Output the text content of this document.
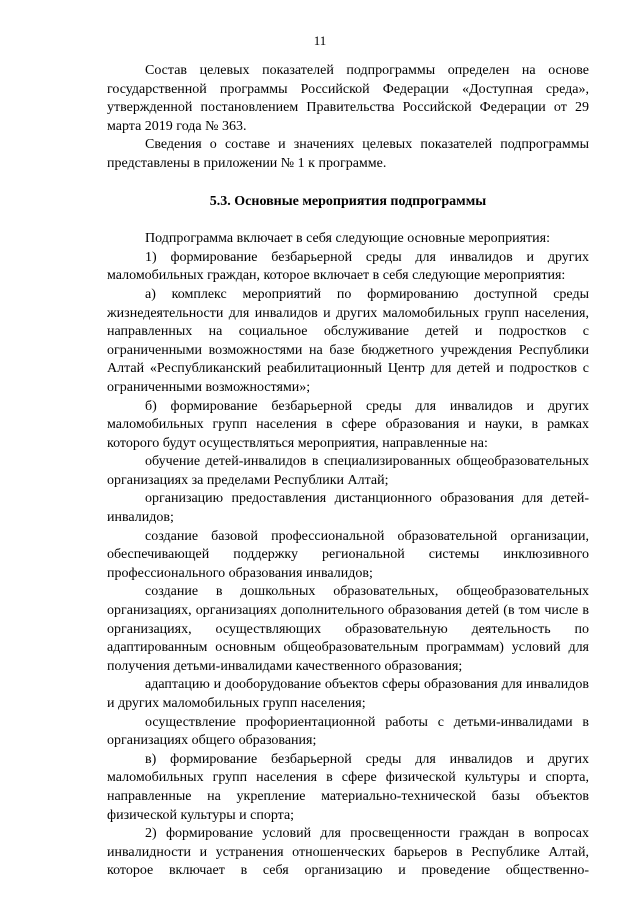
11

Состав целевых показателей подпрограммы определен на основе государственной программы Российской Федерации «Доступная среда», утвержденной постановлением Правительства Российской Федерации от 29 марта 2019 года № 363.

Сведения о составе и значениях целевых показателей подпрограммы представлены в приложении № 1 к программе.

5.3. Основные мероприятия подпрограммы

Подпрограмма включает в себя следующие основные мероприятия:

1) формирование безбарьерной среды для инвалидов и других маломобильных граждан, которое включает в себя следующие мероприятия:

а) комплекс мероприятий по формированию доступной среды жизнедеятельности для инвалидов и других маломобильных групп населения, направленных на социальное обслуживание детей и подростков с ограниченными возможностями на базе бюджетного учреждения Республики Алтай «Республиканский реабилитационный Центр для детей и подростков с ограниченными возможностями»;

б) формирование безбарьерной среды для инвалидов и других маломобильных групп населения в сфере образования и науки, в рамках которого будут осуществляться мероприятия, направленные на:

обучение детей-инвалидов в специализированных общеобразовательных организациях за пределами Республики Алтай;

организацию предоставления дистанционного образования для детей-инвалидов;

создание базовой профессиональной образовательной организации, обеспечивающей поддержку региональной системы инклюзивного профессионального образования инвалидов;

создание в дошкольных образовательных, общеобразовательных организациях, организациях дополнительного образования детей (в том числе в организациях, осуществляющих образовательную деятельность по адаптированным основным общеобразовательным программам) условий для получения детьми-инвалидами качественного образования;

адаптацию и дооборудование объектов сферы образования для инвалидов и других маломобильных групп населения;

осуществление профориентационной работы с детьми-инвалидами в организациях общего образования;

в) формирование безбарьерной среды для инвалидов и других маломобильных групп населения в сфере физической культуры и спорта, направленные на укрепление материально-технической базы объектов физической культуры и спорта;

2) формирование условий для просвещенности граждан в вопросах инвалидности и устранения отношенческих барьеров в Республике Алтай, которое включает в себя организацию и проведение общественно-
